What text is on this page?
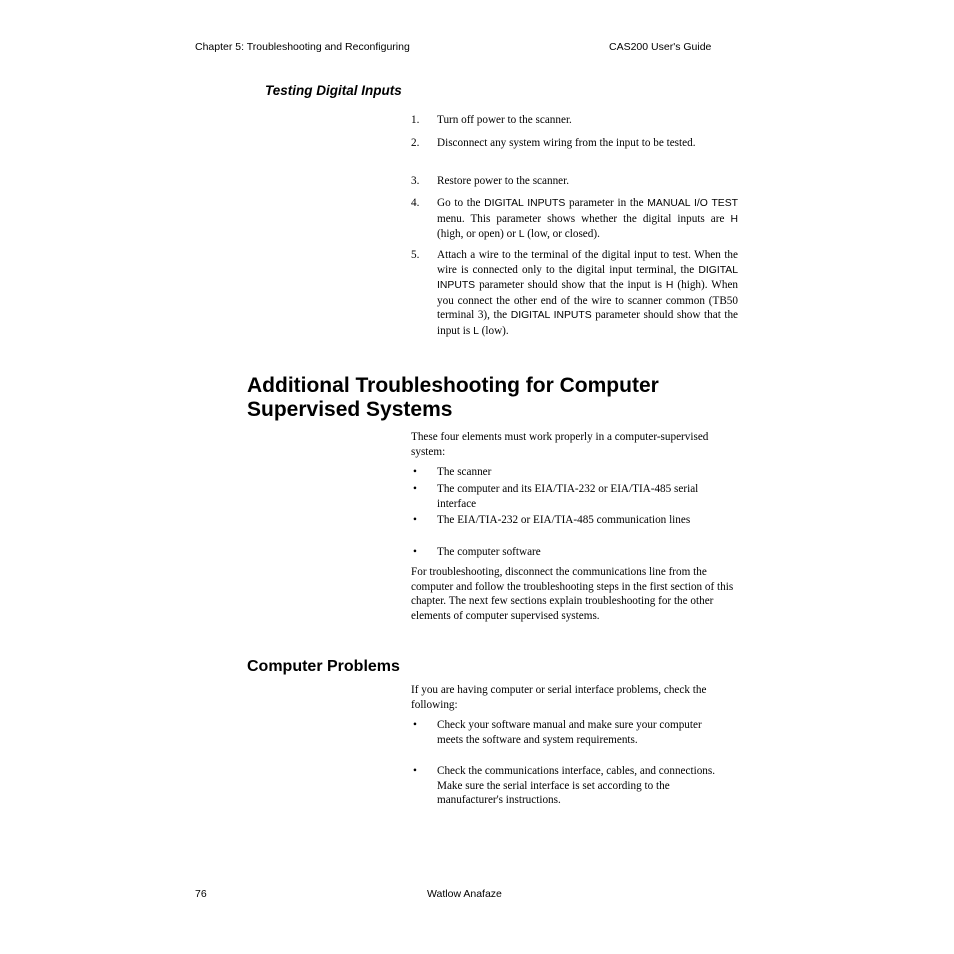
Chapter 5: Troubleshooting and Reconfiguring	CAS200 User's Guide
Testing Digital Inputs
1.	Turn off power to the scanner.
2.	Disconnect any system wiring from the input to be tested.
3.	Restore power to the scanner.
4.	Go to the DIGITAL INPUTS parameter in the MANUAL I/O TEST menu. This parameter shows whether the digital inputs are H (high, or open) or L (low, or closed).
5.	Attach a wire to the terminal of the digital input to test. When the wire is connected only to the digital input terminal, the DIGITAL INPUTS parameter should show that the input is H (high). When you connect the other end of the wire to scanner common (TB50 terminal 3), the DIGITAL INPUTS parameter should show that the input is L (low).
Additional Troubleshooting for Computer
Supervised Systems
These four elements must work properly in a computer-supervised system:
• The scanner
• The computer and its EIA/TIA-232 or EIA/TIA-485 serial interface
• The EIA/TIA-232 or EIA/TIA-485 communication lines
• The computer software
For troubleshooting, disconnect the communications line from the computer and follow the troubleshooting steps in the first section of this chapter. The next few sections explain troubleshooting for the other elements of computer supervised systems.
Computer Problems
If you are having computer or serial interface problems, check the following:
• Check your software manual and make sure your computer meets the software and system requirements.
• Check the communications interface, cables, and connections. Make sure the serial interface is set according to the manufacturer's instructions.
76	Watlow Anafaze
